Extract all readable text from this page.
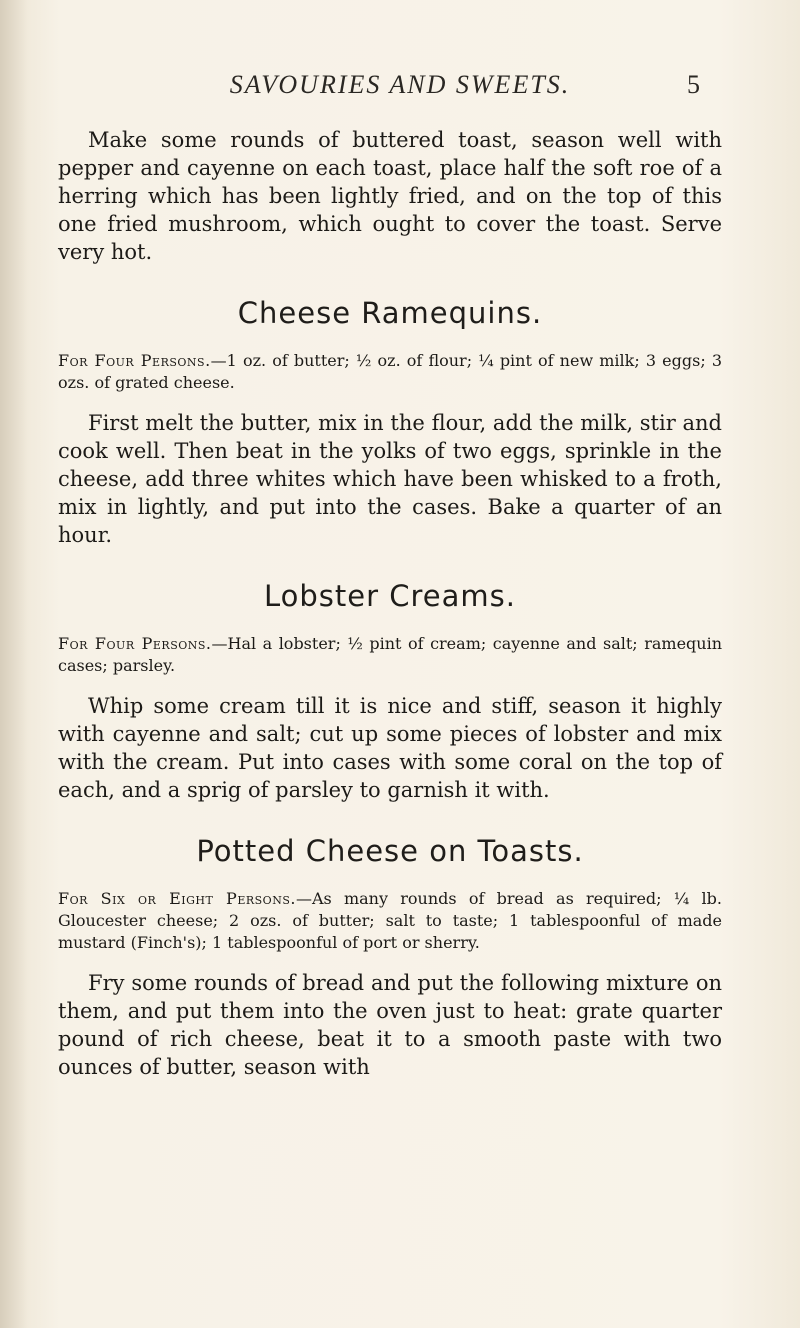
SAVOURIES AND SWEETS.	5

Make some rounds of buttered toast, season well with pepper and cayenne on each toast, place half the soft roe of a herring which has been lightly fried, and on the top of this one fried mushroom, which ought to cover the toast. Serve very hot.

Cheese Ramequins.

For Four Persons.—1 oz. of butter; ½ oz. of flour; ¼ pint of new milk; 3 eggs; 3 ozs. of grated cheese.

First melt the butter, mix in the flour, add the milk, stir and cook well. Then beat in the yolks of two eggs, sprinkle in the cheese, add three whites which have been whisked to a froth, mix in lightly, and put into the cases. Bake a quarter of an hour.

Lobster Creams.

For Four Persons.—Hal a lobster; ½ pint of cream; cayenne and salt; ramequin cases; parsley.

Whip some cream till it is nice and stiff, season it highly with cayenne and salt; cut up some pieces of lobster and mix with the cream. Put into cases with some coral on the top of each, and a sprig of parsley to garnish it with.

Potted Cheese on Toasts.

For Six or Eight Persons.—As many rounds of bread as required; ¼ lb. Gloucester cheese; 2 ozs. of butter; salt to taste; 1 tablespoonful of made mustard (Finch's); 1 tablespoonful of port or sherry.

Fry some rounds of bread and put the following mixture on them, and put them into the oven just to heat: grate quarter pound of rich cheese, beat it to a smooth paste with two ounces of butter, season with
